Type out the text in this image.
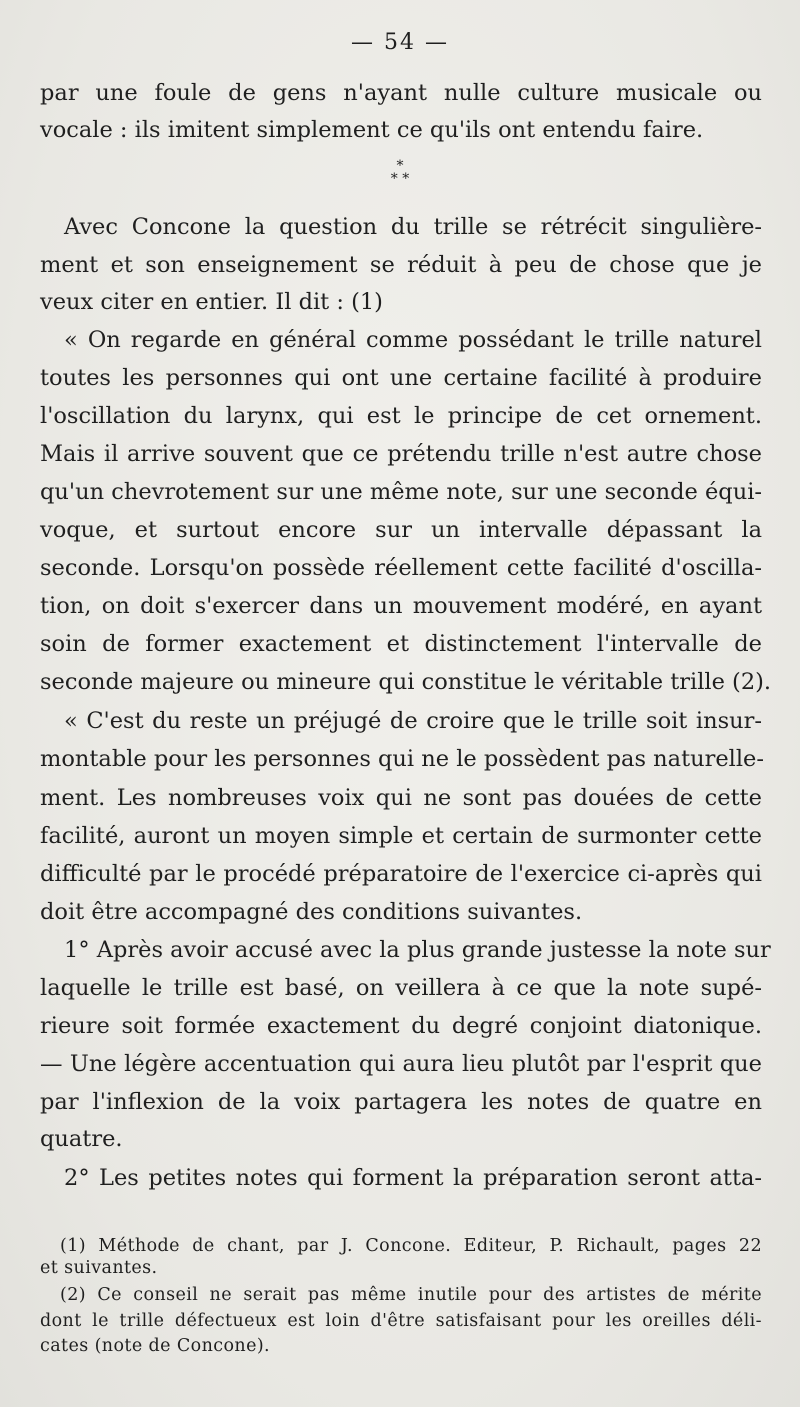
— 54 —
par une foule de gens n'ayant nulle culture musicale ou
vocale : ils imitent simplement ce qu'ils ont entendu faire.
*
* *
Avec Concone la question du trille se rétrécit singulière-
ment et son enseignement se réduit à peu de chose que je
veux citer en entier. Il dit : (1)
« On regarde en général comme possédant le trille naturel
toutes les personnes qui ont une certaine facilité à produire
l'oscillation du larynx, qui est le principe de cet ornement.
Mais il arrive souvent que ce prétendu trille n'est autre chose
qu'un chevrotement sur une même note, sur une seconde équi-
voque, et surtout encore sur un intervalle dépassant la
seconde. Lorsqu'on possède réellement cette facilité d'oscilla-
tion, on doit s'exercer dans un mouvement modéré, en ayant
soin de former exactement et distinctement l'intervalle de
seconde majeure ou mineure qui constitue le véritable trille (2).
« C'est du reste un préjugé de croire que le trille soit insur-
montable pour les personnes qui ne le possèdent pas naturelle-
ment. Les nombreuses voix qui ne sont pas douées de cette
facilité, auront un moyen simple et certain de surmonter cette
difficulté par le procédé préparatoire de l'exercice ci-après qui
doit être accompagné des conditions suivantes.
1° Après avoir accusé avec la plus grande justesse la note sur
laquelle le trille est basé, on veillera à ce que la note supé-
rieure soit formée exactement du degré conjoint diatonique.
— Une légère accentuation qui aura lieu plutôt par l'esprit que
par l'inflexion de la voix partagera les notes de quatre en
quatre.
2° Les petites notes qui forment la préparation seront atta-
(1) Méthode de chant, par J. Concone. Editeur, P. Richault, pages 22
et suivantes.
(2) Ce conseil ne serait pas même inutile pour des artistes de mérite
dont le trille défectueux est loin d'être satisfaisant pour les oreilles déli-
cates (note de Concone).
